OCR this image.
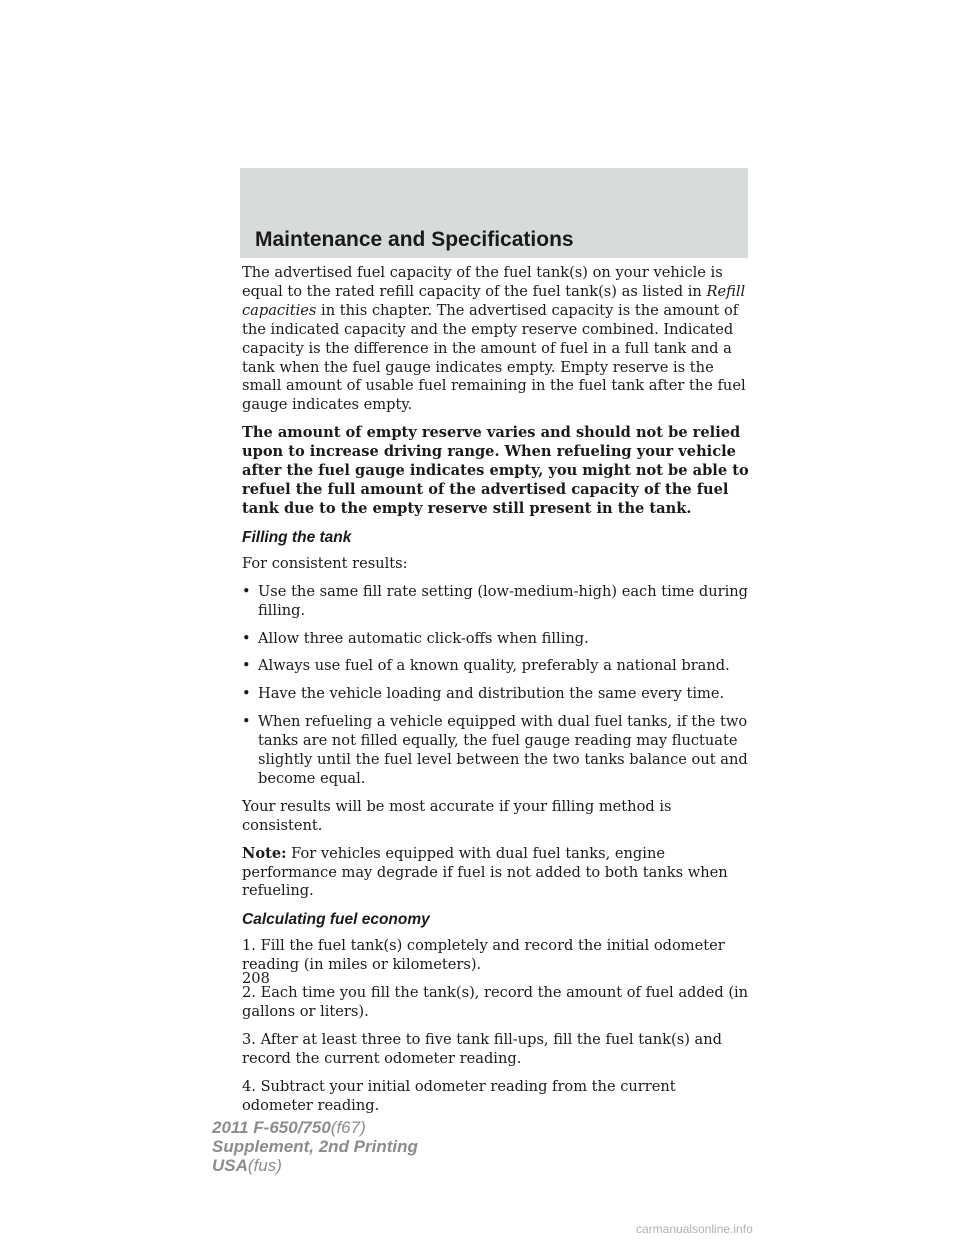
Maintenance and Specifications

The advertised fuel capacity of the fuel tank(s) on your vehicle is equal to the rated refill capacity of the fuel tank(s) as listed in Refill capacities in this chapter. The advertised capacity is the amount of the indicated capacity and the empty reserve combined. Indicated capacity is the difference in the amount of fuel in a full tank and a tank when the fuel gauge indicates empty. Empty reserve is the small amount of usable fuel remaining in the fuel tank after the fuel gauge indicates empty.

The amount of empty reserve varies and should not be relied upon to increase driving range. When refueling your vehicle after the fuel gauge indicates empty, you might not be able to refuel the full amount of the advertised capacity of the fuel tank due to the empty reserve still present in the tank.

Filling the tank

For consistent results:

• Use the same fill rate setting (low-medium-high) each time during filling.
• Allow three automatic click-offs when filling.
• Always use fuel of a known quality, preferably a national brand.
• Have the vehicle loading and distribution the same every time.
• When refueling a vehicle equipped with dual fuel tanks, if the two tanks are not filled equally, the fuel gauge reading may fluctuate slightly until the fuel level between the two tanks balance out and become equal.

Your results will be most accurate if your filling method is consistent.

Note: For vehicles equipped with dual fuel tanks, engine performance may degrade if fuel is not added to both tanks when refueling.

Calculating fuel economy

1. Fill the fuel tank(s) completely and record the initial odometer reading (in miles or kilometers).

2. Each time you fill the tank(s), record the amount of fuel added (in gallons or liters).

3. After at least three to five tank fill-ups, fill the fuel tank(s) and record the current odometer reading.

4. Subtract your initial odometer reading from the current odometer reading.

208
2011 F-650/750(f67)
Supplement, 2nd Printing
USA(fus)
carmanualsonline.info
